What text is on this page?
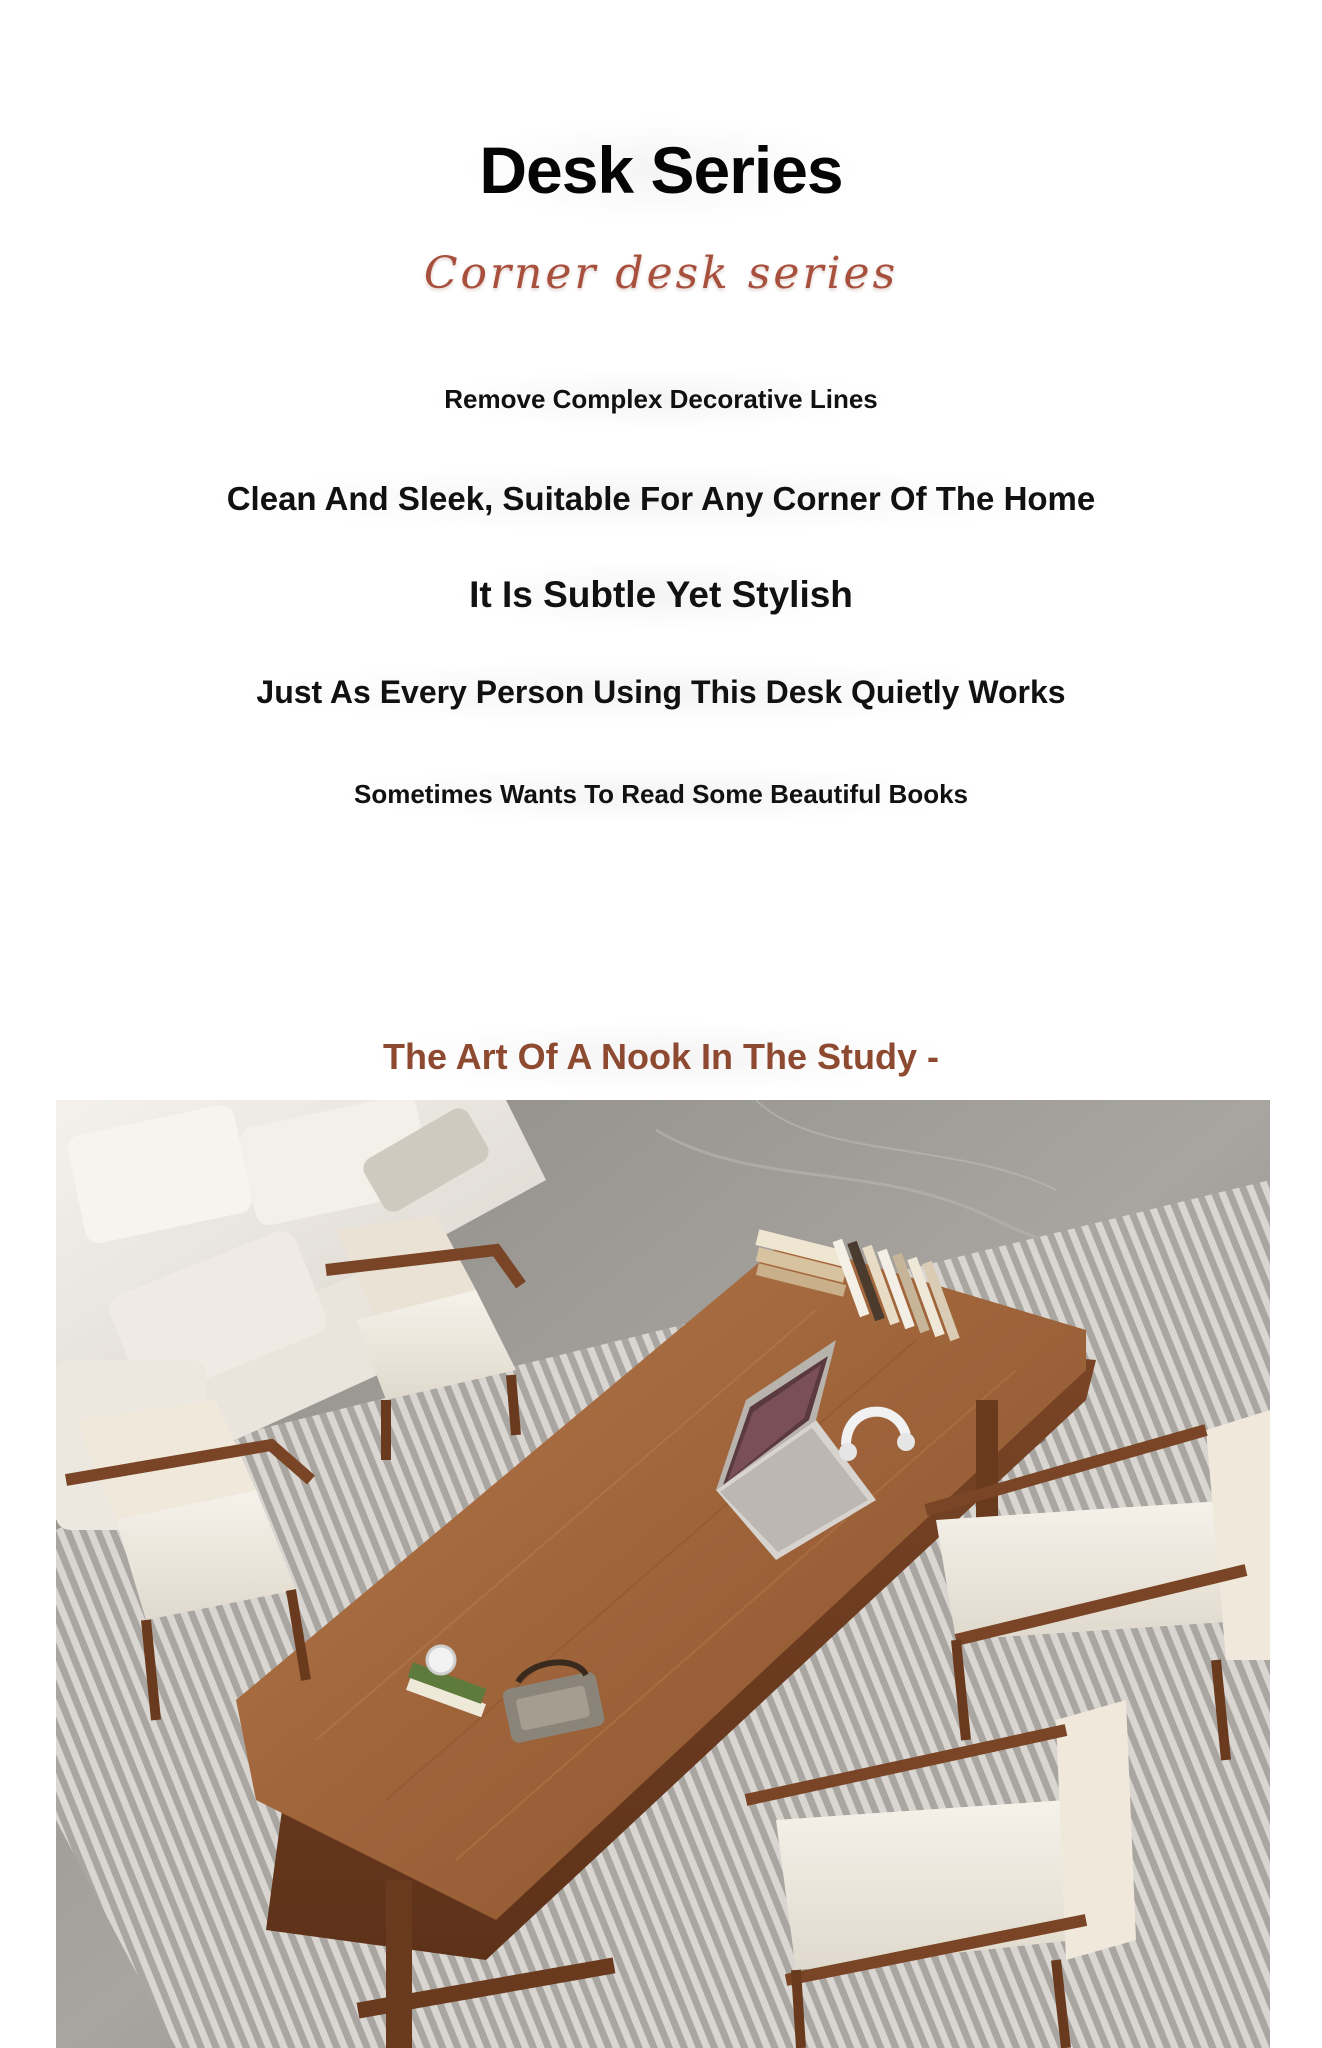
Desk Series
Corner desk series
Remove Complex Decorative Lines
Clean And Sleek, Suitable For Any Corner Of The Home
It Is Subtle Yet Stylish
Just As Every Person Using This Desk Quietly Works
Sometimes Wants To Read Some Beautiful Books
The Art Of A Nook In The Study -
